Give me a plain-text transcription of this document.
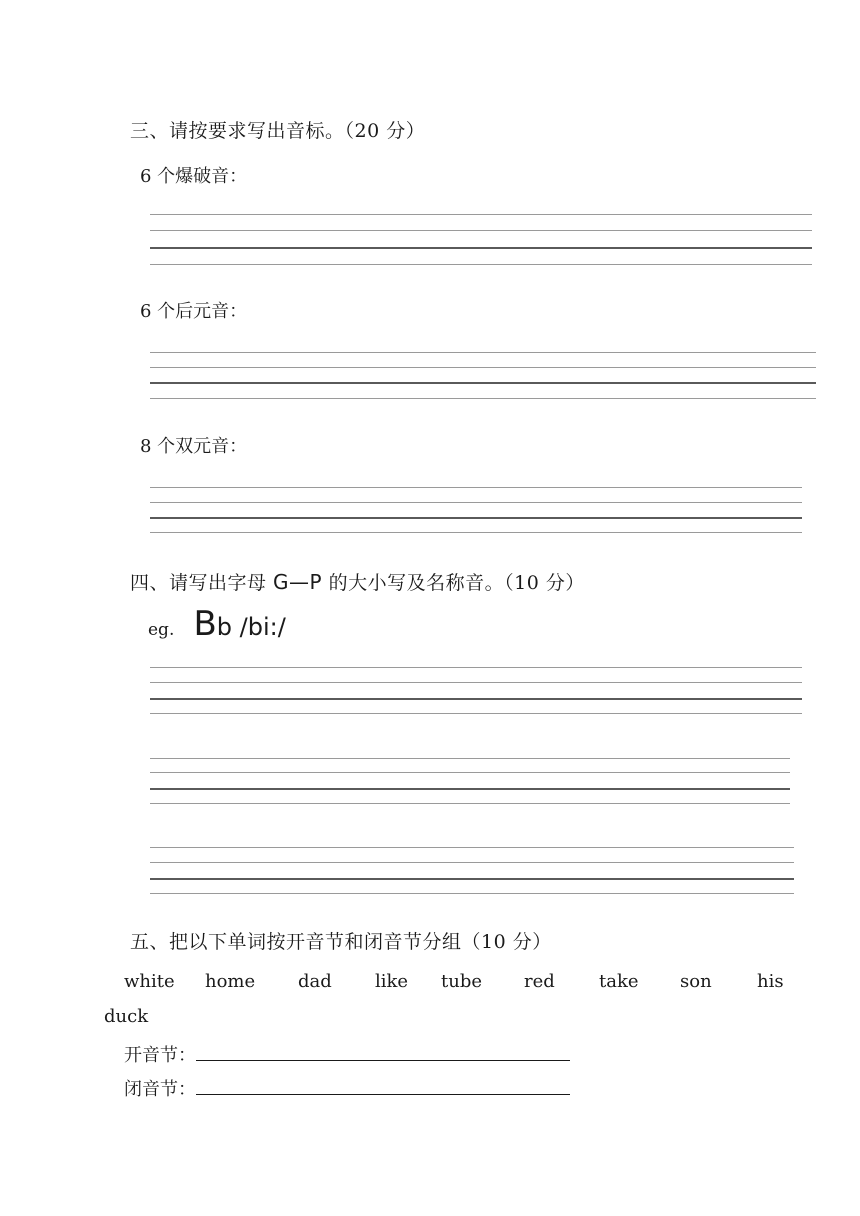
三、请按要求写出音标。（20 分）
6 个爆破音：
6 个后元音：
8 个双元音：
四、请写出字母 G—P 的大小写及名称音。（10 分）
eg. Bb /bi:/
五、把以下单词按开音节和闭音节分组（10 分）
white home dad like tube red take son	his
duck
开音节：
闭音节：
